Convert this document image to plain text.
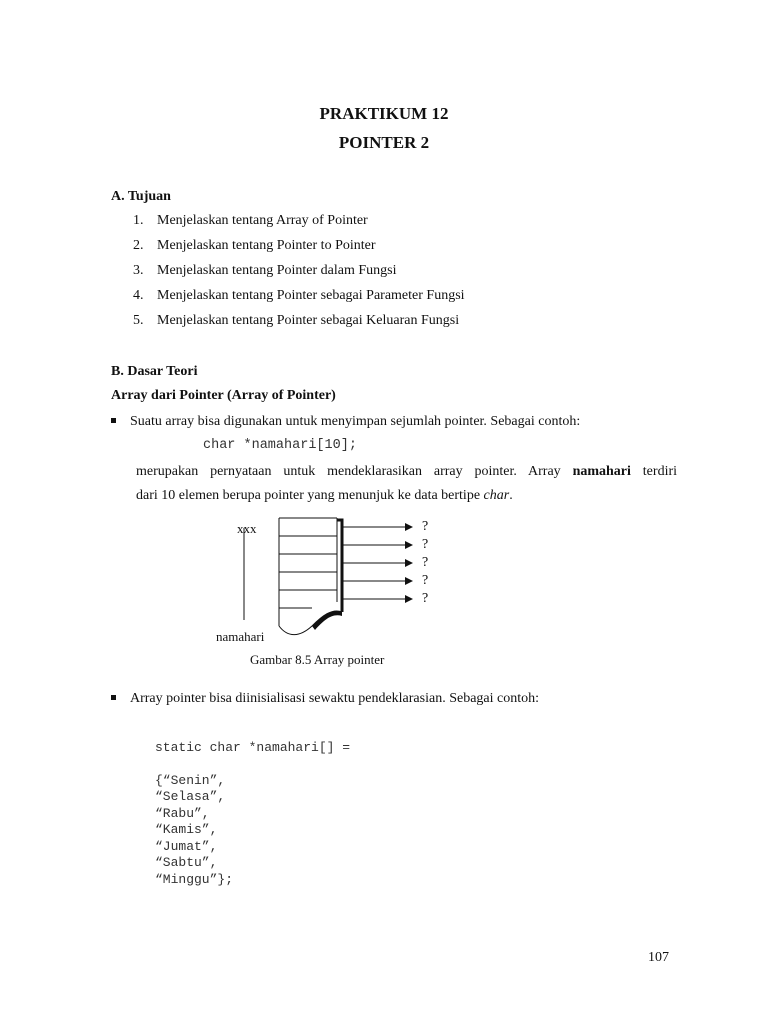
PRAKTIKUM 12
POINTER 2
A. Tujuan
1. Menjelaskan tentang Array of Pointer
2. Menjelaskan tentang Pointer to Pointer
3. Menjelaskan tentang Pointer dalam Fungsi
4. Menjelaskan tentang Pointer sebagai Parameter Fungsi
5. Menjelaskan tentang Pointer sebagai Keluaran Fungsi
B. Dasar Teori
Array dari Pointer (Array of Pointer)
Suatu array bisa digunakan untuk menyimpan sejumlah pointer. Sebagai contoh:
char *namahari[10];
merupakan pernyataan untuk mendeklarasikan array pointer. Array namahari terdiri
dari 10 elemen berupa pointer yang menunjuk ke data bertipe char.
xxx
namahari
?
?
?
?
?
Gambar 8.5 Array pointer
Array pointer bisa diinisialisasi sewaktu pendeklarasian. Sebagai contoh:
static char *namahari[] =
{“Senin”,
“Selasa”,
“Rabu”,
“Kamis”,
“Jumat”,
“Sabtu”,
“Minggu”};
107
